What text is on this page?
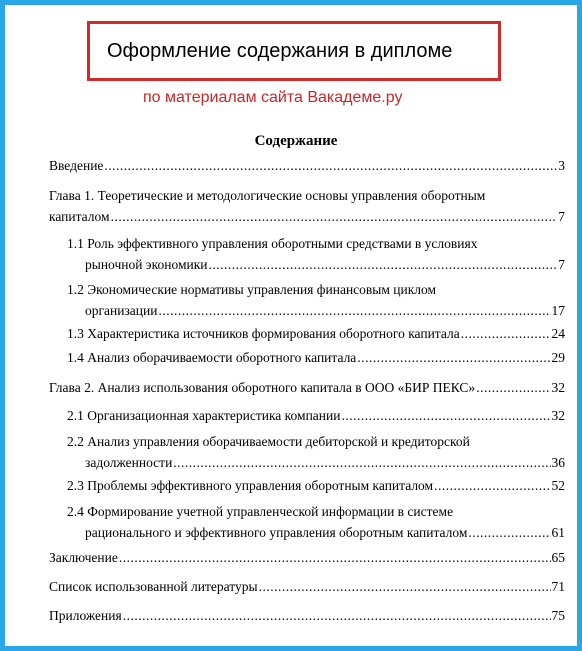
Оформление содержания в дипломе
по материалам сайта Вакадеме.ру
Содержание
Введение .....	3
Глава 1. Теоретические и методологические основы управления оборотным
капиталом .....	7
1.1 Роль эффективного управления оборотными средствами в условиях
рыночной экономики .....	7
1.2 Экономические нормативы управления финансовым циклом
организации .....	17
1.3 Характеристика источников формирования оборотного капитала .....	24
1.4 Анализ оборачиваемости оборотного капитала .....	29
Глава 2. Анализ использования оборотного капитала в ООО «БИР ПЕКС» .....	32
2.1 Организационная характеристика компании .....	32
2.2 Анализ управления оборачиваемости дебиторской и кредиторской
задолженности .....	36
2.3 Проблемы эффективного управления оборотным капиталом .....	52
2.4 Формирование учетной управленческой информации в системе
рационального и эффективного управления оборотным капиталом .....	61
Заключение .....	65
Список использованной литературы .....	71
Приложения .....	75
